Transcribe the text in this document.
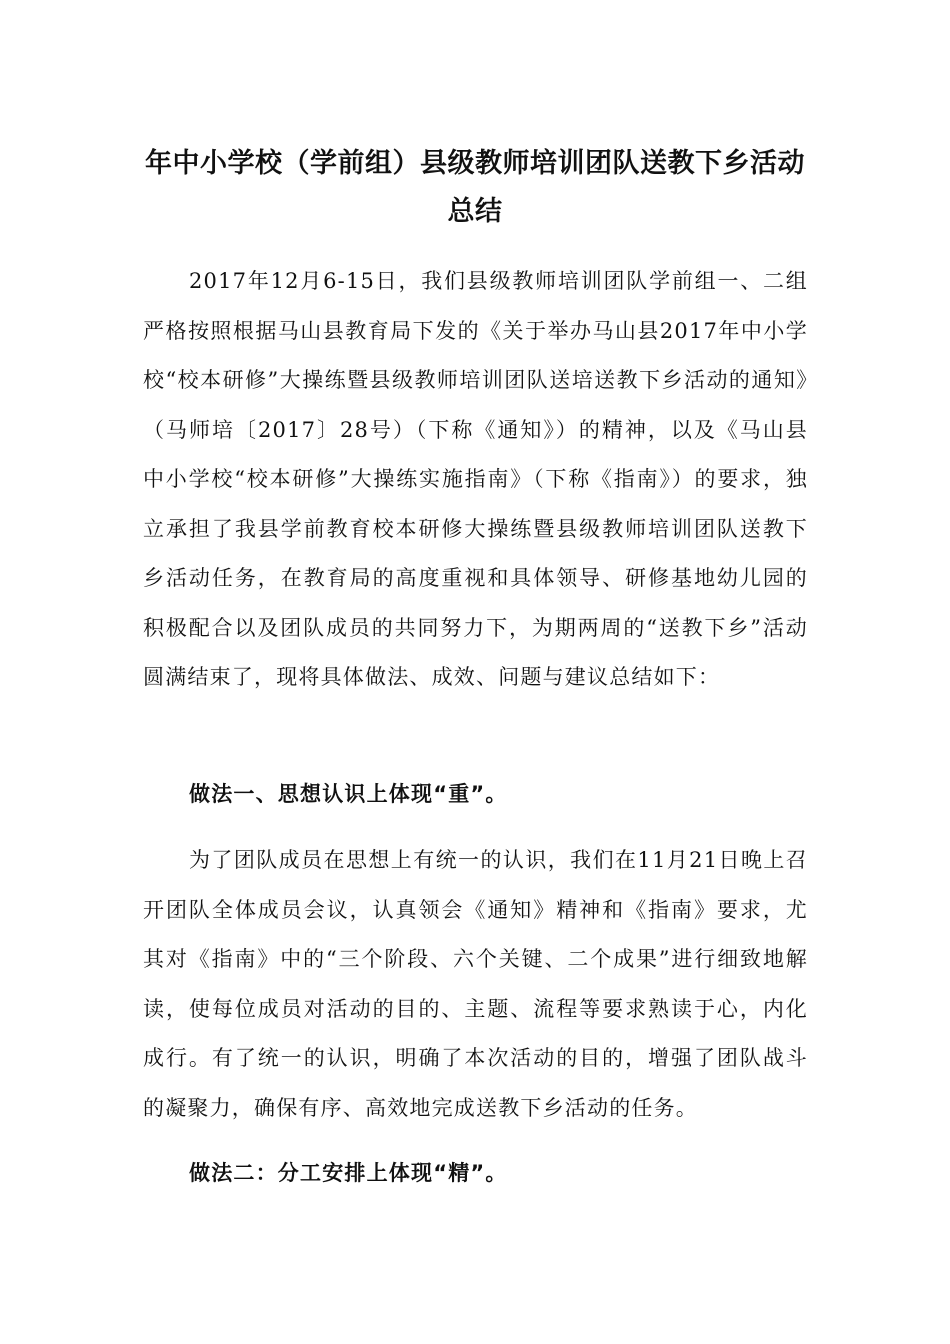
年中小学校（学前组）县级教师培训团队送教下乡活动总结

2017年12月6-15日，我们县级教师培训团队学前组一、二组严格按照根据马山县教育局下发的《关于举办马山县2017年中小学校“校本研修”大操练暨县级教师培训团队送培送教下乡活动的通知》（马师培〔2017〕28号）（下称《通知》）的精神，以及《马山县中小学校“校本研修”大操练实施指南》（下称《指南》）的要求，独立承担了我县学前教育校本研修大操练暨县级教师培训团队送教下乡活动任务，在教育局的高度重视和具体领导、研修基地幼儿园的积极配合以及团队成员的共同努力下，为期两周的“送教下乡”活动圆满结束了，现将具体做法、成效、问题与建议总结如下：

做法一、思想认识上体现“重”。

为了团队成员在思想上有统一的认识，我们在11月21日晚上召开团队全体成员会议，认真领会《通知》精神和《指南》要求，尤其对《指南》中的“三个阶段、六个关键、二个成果”进行细致地解读，使每位成员对活动的目的、主题、流程等要求熟读于心，内化成行。有了统一的认识，明确了本次活动的目的，增强了团队战斗的凝聚力，确保有序、高效地完成送教下乡活动的任务。

做法二：分工安排上体现“精”。
